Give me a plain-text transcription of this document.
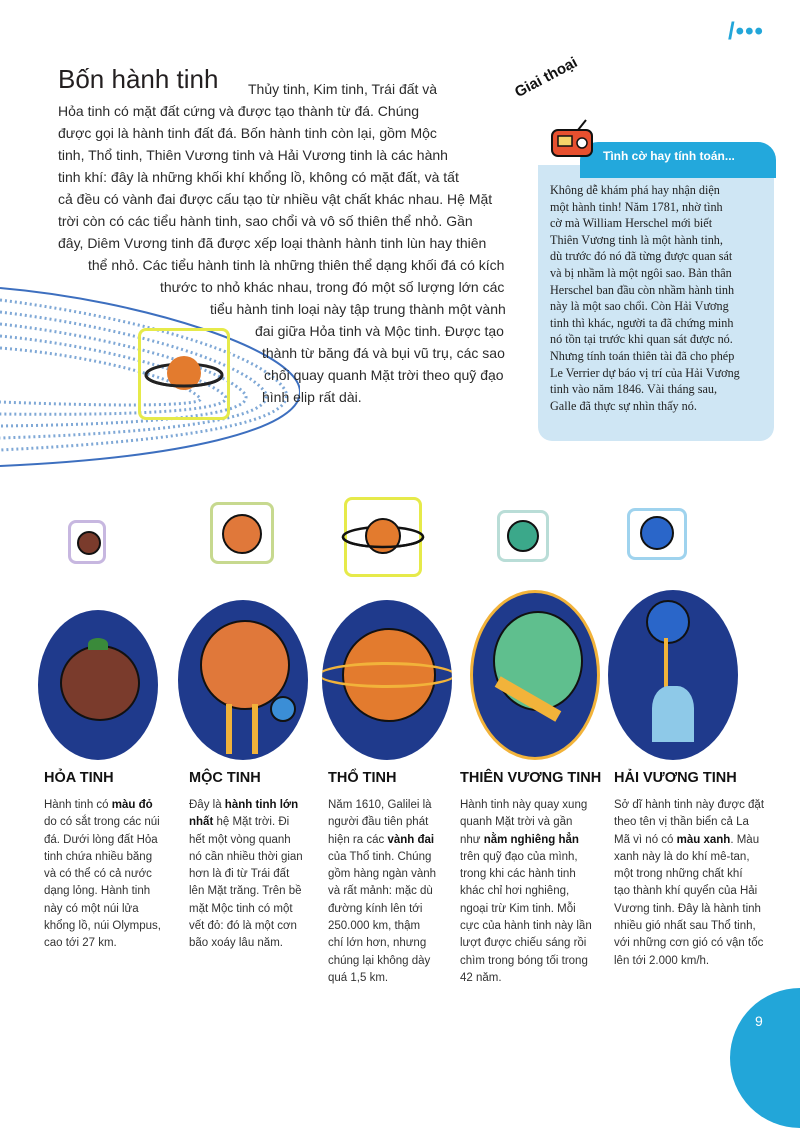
/•••
Bốn hành tinh Thủy tinh, Kim tinh, Trái đất và
Hỏa tinh có mặt đất cứng và được tạo thành từ đá. Chúng
được gọi là hành tinh đất đá. Bốn hành tinh còn lại, gồm Mộc
tinh, Thổ tinh, Thiên Vương tinh và Hải Vương tinh là các hành
tinh khí: đây là những khối khí khổng lồ, không có mặt đất, và tất
cả đều có vành đai được cấu tạo từ nhiều vật chất khác nhau. Hệ Mặt
trời còn có các tiểu hành tinh, sao chổi và vô số thiên thể nhỏ. Gần
đây, Diêm Vương tinh đã được xếp loại thành hành tinh lùn hay thiên
thể nhỏ. Các tiểu hành tinh là những thiên thể dạng khối đá có kích
thước to nhỏ khác nhau, trong đó một số lượng lớn các
tiểu hành tinh loại này tập trung thành một vành
đai giữa Hỏa tinh và Mộc tinh. Được tạo
thành từ băng đá và bụi vũ trụ, các sao
chổi quay quanh Mặt trời theo quỹ đạo
hình elip rất dài.
Giai thoại
Tình cờ hay tính toán...
Không dễ khám phá hay nhận diện
một hành tinh! Năm 1781, nhờ tình
cờ mà William Herschel mới biết
Thiên Vương tinh là một hành tinh,
dù trước đó nó đã từng được quan sát
và bị nhầm là một ngôi sao. Bản thân
Herschel ban đầu còn nhầm hành tinh
này là một sao chổi. Còn Hải Vương
tinh thì khác, người ta đã chứng minh
nó tồn tại trước khi quan sát được nó.
Nhưng tính toán thiên tài đã cho phép
Le Verrier dự báo vị trí của Hải Vương
tinh vào năm 1846. Vài tháng sau,
Galle đã thực sự nhìn thấy nó.
HỎA TINH
Hành tinh có màu đỏ
do có sắt trong các núi
đá. Dưới lòng đất Hỏa
tinh chứa nhiều băng
và có thể có cả nước
dạng lỏng. Hành tinh
này có một núi lửa
khổng lồ, núi Olympus,
cao tới 27 km.
MỘC TINH
Đây là hành tinh lớn
nhất hệ Mặt trời. Đi
hết một vòng quanh
nó cần nhiều thời gian
hơn là đi từ Trái đất
lên Mặt trăng. Trên bề
mặt Mộc tinh có một
vết đỏ: đó là một cơn
bão xoáy lâu năm.
THỔ TINH
Năm 1610, Galilei là
người đầu tiên phát
hiện ra các vành đai
của Thổ tinh. Chúng
gồm hàng ngàn vành
và rất mảnh: mặc dù
đường kính lên tới
250.000 km, thậm
chí lớn hơn, nhưng
chúng lại không dày
quá 1,5 km.
THIÊN VƯƠNG TINH
Hành tinh này quay xung
quanh Mặt trời và gần
như nằm nghiêng hẳn
trên quỹ đạo của mình,
trong khi các hành tinh
khác chỉ hơi nghiêng,
ngoại trừ Kim tinh. Mỗi
cực của hành tinh này lần
lượt được chiếu sáng rồi
chìm trong bóng tối trong
42 năm.
HẢI VƯƠNG TINH
Sở dĩ hành tinh này được đặt
theo tên vị thần biển cả La
Mã vì nó có màu xanh. Màu
xanh này là do khí mê-tan,
một trong những chất khí
tạo thành khí quyển của Hải
Vương tinh. Đây là hành tinh
nhiều gió nhất sau Thổ tinh,
với những cơn gió có vận tốc
lên tới 2.000 km/h.
9
